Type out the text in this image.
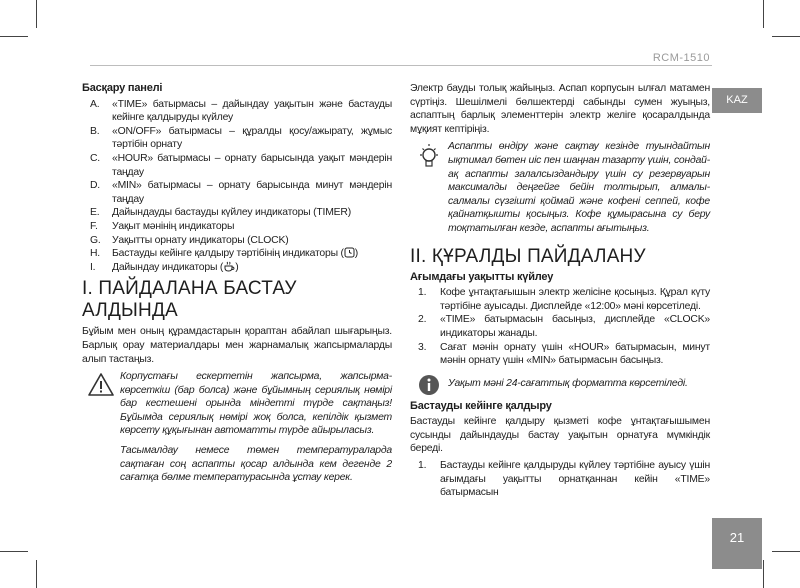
RCM-1510
KAZ
21
Басқару панелі
A.	«TIME» батырмасы – дайындау уақытын және бастауды кейінге қалдыруды күйлеу
B.	«ON/OFF» батырмасы – құралды қосу/ажырату, жұмыс тәртібін орнату
C.	«HOUR» батырмасы – орнату барысында уақыт мәндерін таңдау
D.	«MIN» батырмасы – орнату барысында минут мәндерін таңдау
E.	Дайындауды бастауды күйлеу индикаторы (TIMER)
F.	Уақыт мәнінің индикаторы
G.	Уақытты орнату индикаторы (CLOCK)
H.	Бастауды кейінге қалдыру тәртібінің индикаторы ( )
I.	Дайындау индикаторы ( )
I. ПАЙДАЛАНА БАСТАУ АЛДЫНДА

Бұйым мен оның құрамдастарын қораптан абайлап шығарыңыз. Барлық орау материалдары мен жарнамалық жапсырмаларды алып тастаңыз.

Корпустағы ескертетін жапсырма, жапсырма-көрсеткіш (бар болса) және бұйымның сериялық нөмірі бар кестешені орында міндетті түрде сақтаңыз! Бұйымда сериялық нөмірі жоқ болса, кепілдік қызмет көрсету құқығынан автоматты түрде айырыласыз.

Тасымалдау немесе төмен температураларда сақтаған соң аспапты қосар алдында кем дегенде 2 сағатқа бөлме температурасында ұстау керек.

Электр бауды толық жайыңыз. Аспап корпусын ылғал матамен сүртіңіз. Шешілмелі бөлшектерді сабынды сумен жуыңыз, аспаптың барлық элементтерін электр желіге қосаралдында мұқият кептіріңіз.

Аспапты өндіру және сақтау кезінде туындайтын ықтимал бөтен иіс пен шаңнан тазарту үшін, сондай-ақ аспапты залалсыздандыру үшін су резервуарын максималды деңгейге бейін толтырып, алмалы-салмалы сүзгішті қоймай және кофені сеппей, кофе қайнатқышты қосыңыз. Кофе құмырасына су беру тоқтатылған кезде, аспапты ағытыңыз.

II. ҚҰРАЛДЫ ПАЙДАЛАНУ
Ағымдағы уақытты күйлеу
1.	Кофе ұнтақтағышын электр желісіне қосыңыз. Құрал күту тәртібіне ауысады. Дисплейде «12:00» мәні көрсетіледі.
2.	«TIME» батырмасын басыңыз, дисплейде «CLOCK» индикаторы жанады.
3.	Сағат мәнін орнату үшін «HOUR» батырмасын, минут мәнін орнату үшін «MIN» батырмасын басыңыз.

Уақыт мәні 24-сағаттық форматта көрсетіледі.

Бастауды кейінге қалдыру

Бастауды кейінге қалдыру қызметі кофе ұнтақтағышымен сусынды дайындауды бастау уақытын орнатуға мүмкіндік береді.

1.	Бастауды кейінге қалдыруды күйлеу тәртібіне ауысу үшін ағымдағы уақытты орнатқаннан кейін «TIME» батырмасын
